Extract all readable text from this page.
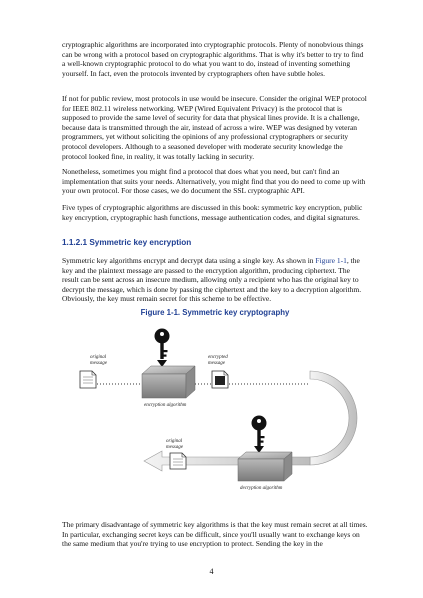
cryptographic algorithms are incorporated into cryptographic protocols. Plenty of nonobvious things can be wrong with a protocol based on cryptographic algorithms. That is why it's better to try to find a well-known cryptographic protocol to do what you want to do, instead of inventing something yourself. In fact, even the protocols invented by cryptographers often have subtle holes.

If not for public review, most protocols in use would be insecure. Consider the original WEP protocol for IEEE 802.11 wireless networking. WEP (Wired Equivalent Privacy) is the protocol that is supposed to provide the same level of security for data that physical lines provide. It is a challenge, because data is transmitted through the air, instead of across a wire. WEP was designed by veteran programmers, yet without soliciting the opinions of any professional cryptographers or security protocol developers. Although to a seasoned developer with moderate security knowledge the protocol looked fine, in reality, it was totally lacking in security.

Nonetheless, sometimes you might find a protocol that does what you need, but can't find an implementation that suits your needs. Alternatively, you might find that you do need to come up with your own protocol. For those cases, we do document the SSL cryptographic API.

Five types of cryptographic algorithms are discussed in this book: symmetric key encryption, public key encryption, cryptographic hash functions, message authentication codes, and digital signatures.

1.1.2.1 Symmetric key encryption

Symmetric key algorithms encrypt and decrypt data using a single key. As shown in Figure 1-1, the key and the plaintext message are passed to the encryption algorithm, producing ciphertext. The result can be sent across an insecure medium, allowing only a recipient who has the original key to decrypt the message, which is done by passing the ciphertext and the key to a decryption algorithm. Obviously, the key must remain secret for this scheme to be effective.

Figure 1-1. Symmetric key cryptography
original message
encryption algorithm
encrypted message
decryption algorithm
original message

The primary disadvantage of symmetric key algorithms is that the key must remain secret at all times. In particular, exchanging secret keys can be difficult, since you'll usually want to exchange keys on the same medium that you're trying to use encryption to protect. Sending the key in the

4
